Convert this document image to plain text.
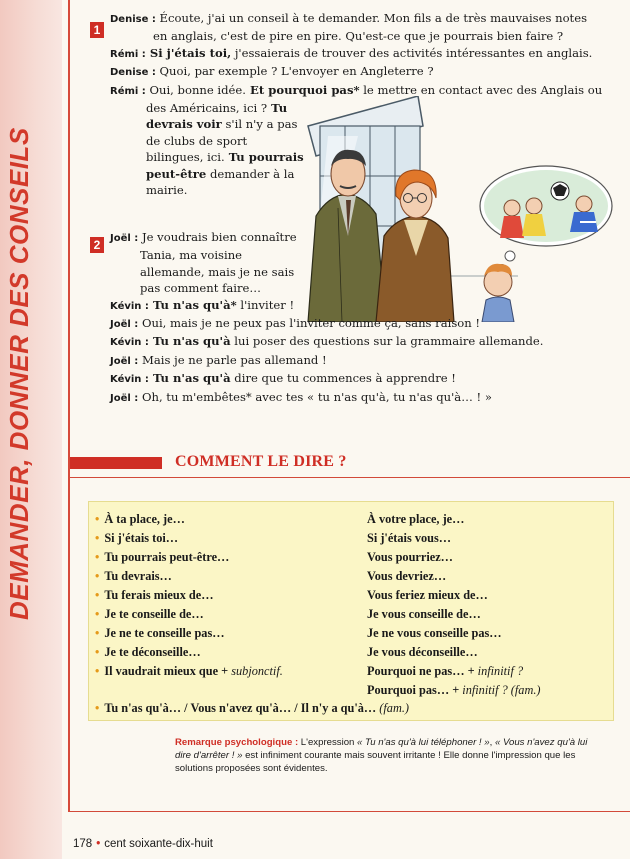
DEMANDER, DONNER DES CONSEILS
1
Denise : Écoute, j'ai un conseil à te demander. Mon fils a de très mauvaises notes
en anglais, c'est de pire en pire. Qu'est-ce que je pourrais bien faire ?
Rémi : Si j'étais toi, j'essaierais de trouver des activités intéressantes en anglais.
Denise : Quoi, par exemple ? L'envoyer en Angleterre ?
Rémi : Oui, bonne idée. Et pourquoi pas* le mettre en contact avec des Anglais ou
des Américains, ici ? Tu
devrais voir s'il n'y a pas
de clubs de sport
bilingues, ici. Tu pourrais
peut-être demander à la
mairie.
2 Joël : Je voudrais bien connaître
Tania, ma voisine
allemande, mais je ne sais
pas comment faire…
Kévin : Tu n'as qu'à* l'inviter !
Joël : Oui, mais je ne peux pas l'inviter comme ça, sans raison !
Kévin : Tu n'as qu'à lui poser des questions sur la grammaire allemande.
Joël : Mais je ne parle pas allemand !
Kévin : Tu n'as qu'à dire que tu commences à apprendre !
Joël : Oh, tu m'embêtes* avec tes « tu n'as qu'à, tu n'as qu'à… ! »
COMMENT LE DIRE ?
• À ta place, je…
• Si j'étais toi…
• Tu pourrais peut-être…
• Tu devrais…
• Tu ferais mieux de…
• Je te conseille de…
• Je ne te conseille pas…
• Je te déconseille…
• Il vaudrait mieux que + subjonctif.
À votre place, je…
Si j'étais vous…
Vous pourriez…
Vous devriez…
Vous feriez mieux de…
Je vous conseille de…
Je ne vous conseille pas…
Je vous déconseille…
Pourquoi ne pas… + infinitif ?
Pourquoi pas… + infinitif ? (fam.)
• Tu n'as qu'à… / Vous n'avez qu'à… / Il n'y a qu'à… (fam.)
Remarque psychologique : L'expression « Tu n'as qu'à lui téléphoner ! », « Vous n'avez qu'à lui dire d'arrêter ! » est infiniment courante mais souvent irritante ! Elle donne l'impression que les solutions proposées sont évidentes.
178 • cent soixante-dix-huit
